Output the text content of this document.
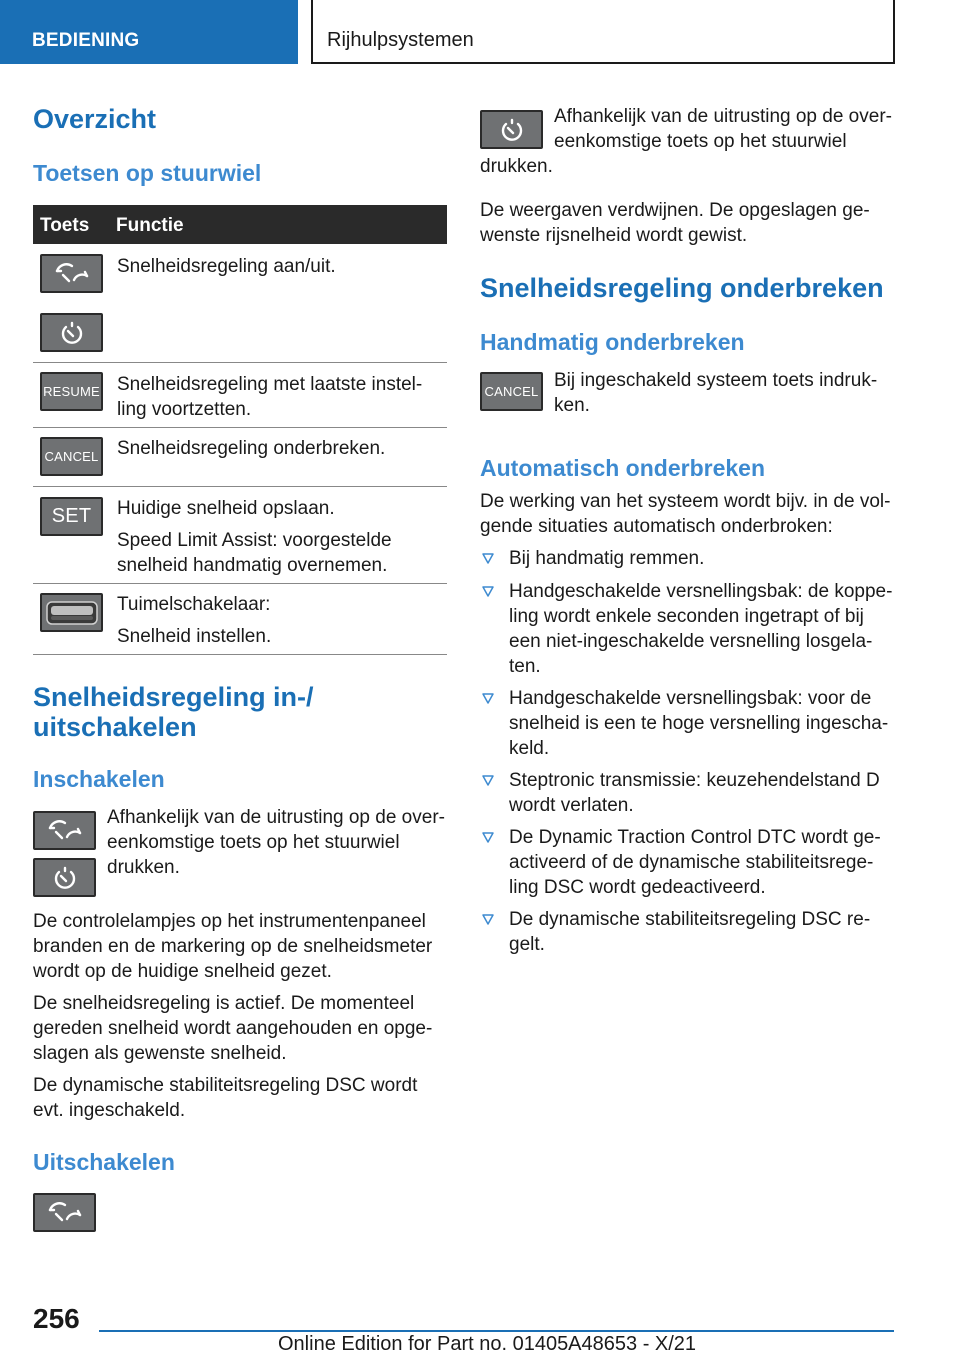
BEDIENING	Rijhulpsystemen
Overzicht
Toetsen op stuurwiel
Toets Functie
Snelheidsregeling aan/uit.
RESUME Snelheidsregeling met laatste instel-
ling voortzetten.
CANCEL Snelheidsregeling onderbreken.
SET Huidige snelheid opslaan.
Speed Limit Assist: voorgestelde
snelheid handmatig overnemen.
Tuimelschakelaar:
Snelheid instellen.
Snelheidsregeling in-/
uitschakelen
Inschakelen
Afhankelijk van de uitrusting op de over-
eenkomstige toets op het stuurwiel
drukken.
De controlelampjes op het instrumentenpaneel
branden en de markering op de snelheidsmeter
wordt op de huidige snelheid gezet.
De snelheidsregeling is actief. De momenteel
gereden snelheid wordt aangehouden en opge-
slagen als gewenste snelheid.
De dynamische stabiliteitsregeling DSC wordt
evt. ingeschakeld.
Uitschakelen
Afhankelijk van de uitrusting op de over-
eenkomstige toets op het stuurwiel
drukken.
De weergaven verdwijnen. De opgeslagen ge-
wenste rijsnelheid wordt gewist.
Snelheidsregeling onderbreken
Handmatig onderbreken
CANCEL
Bij ingeschakeld systeem toets indruk-
ken.
Automatisch onderbreken
De werking van het systeem wordt bijv. in de vol-
gende situaties automatisch onderbroken:
Bij handmatig remmen.
Handgeschakelde versnellingsbak: de koppe-
ling wordt enkele seconden ingetrapt of bij
een niet-ingeschakelde versnelling losgela-
ten.
Handgeschakelde versnellingsbak: voor de
snelheid is een te hoge versnelling ingescha-
keld.
Steptronic transmissie: keuzehendelstand D
wordt verlaten.
De Dynamic Traction Control DTC wordt ge-
activeerd of de dynamische stabiliteitsrege-
ling DSC wordt gedeactiveerd.
De dynamische stabiliteitsregeling DSC re-
gelt.
256
Online Edition for Part no. 01405A48653 - X/21
